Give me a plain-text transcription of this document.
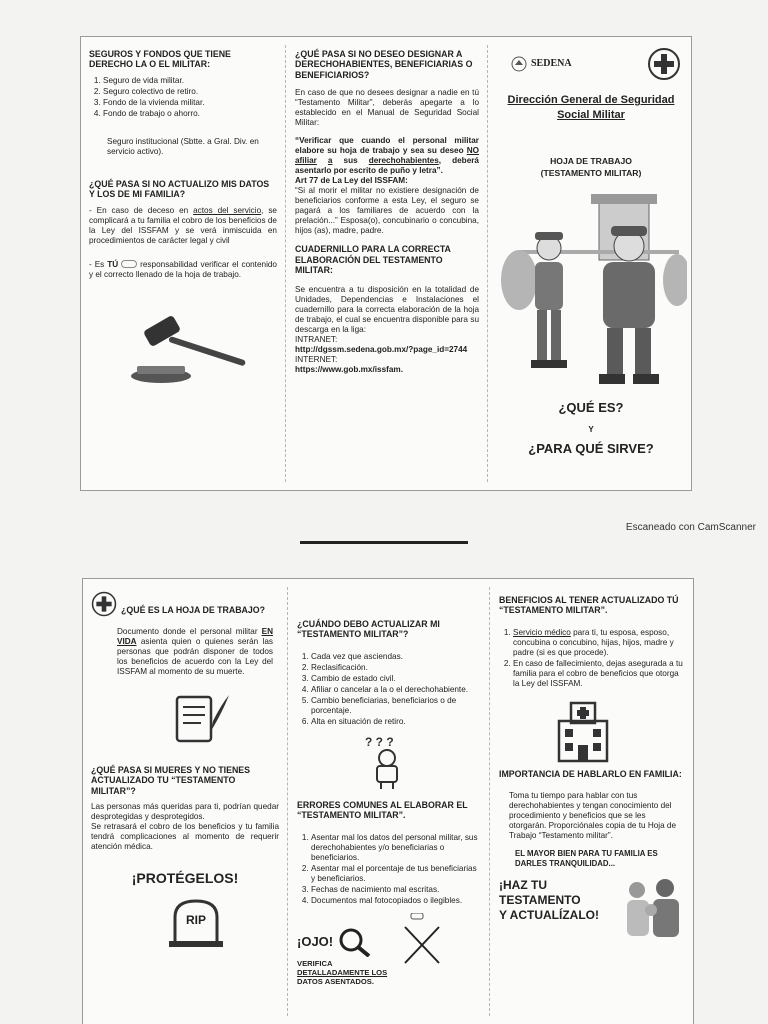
SEGUROS Y FONDOS QUE TIENE DERECHO LA O EL MILITAR:
1. Seguro de vida militar.
2. Seguro colectivo de retiro.
3. Fondo de la vivienda militar.
4. Fondo de trabajo o ahorro.

Seguro institucional (Sbtte. a Gral. Div. en servicio activo).

¿QUÉ PASA SI NO ACTUALIZO MIS DATOS Y LOS DE MI FAMILIA?
- En caso de deceso en actos del servicio, se complicará a tu familia el cobro de los beneficios de la Ley del ISSFAM y se verá inmiscuida en procedimientos de carácter legal y civil
- Es TÚ	responsabilidad verificar el contenido y el correcto llenado de la hoja de trabajo.
¿QUÉ PASA SI NO DESEO DESIGNAR A DERECHOHABIENTES, BENEFICIARIAS O BENEFICIARIOS?

En caso de que no desees designar a nadie en tú “Testamento Militar”, deberás apegarte a lo establecido en el Manual de Seguridad Social Militar:

“Verificar que cuando el personal militar elabore su hoja de trabajo y sea su deseo NO afiliar a sus derechohabientes, deberá asentarlo por escrito de puño y letra”.

Art 77 de La Ley del ISSFAM:

“Si al morir el militar no existiere designación de beneficiarios conforme a esta Ley, el seguro se pagará a los familiares de acuerdo con la prelación...” Esposa(o), concubinario o concubina, hijos (as), madre, padre.

CUADERNILLO PARA LA CORRECTA ELABORACIÓN DEL TESTAMENTO MILITAR:

Se encuentra a tu disposición en la totalidad de Unidades, Dependencias e Instalaciones el cuadernillo para la correcta elaboración de la hoja de trabajo, el cual se encuentra disponible para su descarga en la liga:

INTRANET:
http://dgssm.sedena.gob.mx/?page_id=2744
INTERNET:
https://www.gob.mx/issfam.
SEDENA
Dirección General de Seguridad Social Militar
HOJA DE TRABAJO (TESTAMENTO MILITAR)
¿QUÉ ES?
Y
¿PARA QUÉ SIRVE?
Escaneado con CamScanner
¿QUÉ ES LA HOJA DE TRABAJO?

Documento donde el personal militar EN VIDA asienta quien o quienes serán las personas que podrán disponer de todos los beneficios de acuerdo con la Ley del ISSFAM al momento de su muerte.

¿QUÉ PASA SI MUERES Y NO TIENES ACTUALIZADO TU “TESTAMENTO MILITAR”?

Las personas más queridas para ti, podrían quedar desprotegidas y desprotegidos.

Se retrasará el cobro de los beneficios y tu familia tendrá complicaciones al momento de requerir atención médica.

¡PROTÉGELOS!
RIP
¿CUÁNDO DEBO ACTUALIZAR MI “TESTAMENTO MILITAR”?
1. Cada vez que asciendas.
2. Reclasificación.
3. Cambio de estado civil.
4. Afiliar o cancelar a la o el derechohabiente.
5. Cambio beneficiarias, beneficiarios o de porcentaje.
6. Alta en situación de retiro.
? ? ?
ERRORES COMUNES AL ELABORAR EL “TESTAMENTO MILITAR”.
1. Asentar mal los datos del personal militar, sus derechohabientes y/o beneficiarias o beneficiarios.
2. Asentar mal el porcentaje de tus beneficiarias y beneficiarios.
3. Fechas de nacimiento mal escritas.
4. Documentos mal fotocopiados o ilegibles.
¡OJO!
VERIFICA
DETALLADAMENTE LOS
DATOS ASENTADOS.
BENEFICIOS AL TENER ACTUALIZADO TÚ “TESTAMENTO MILITAR”.
1. Servicio médico para ti, tu esposa, esposo, concubina o concubino, hijas, hijos, madre y padre (si es que procede).
2. En caso de fallecimiento, dejas asegurada a tu familia para el cobro de beneficios que otorga la Ley del ISSFAM.
IMPORTANCIA DE HABLARLO EN FAMILIA:

Toma tu tiempo para hablar con tus derechohabientes y tengan conocimiento del procedimiento y beneficios que se les otorgarán. Proporciónales copia de tu Hoja de Trabajo “Testamento militar”.

EL MAYOR BIEN PARA TU FAMILIA ES DARLES TRANQUILIDAD...
¡HAZ TU
TESTAMENTO
Y ACTUALÍZALO!
